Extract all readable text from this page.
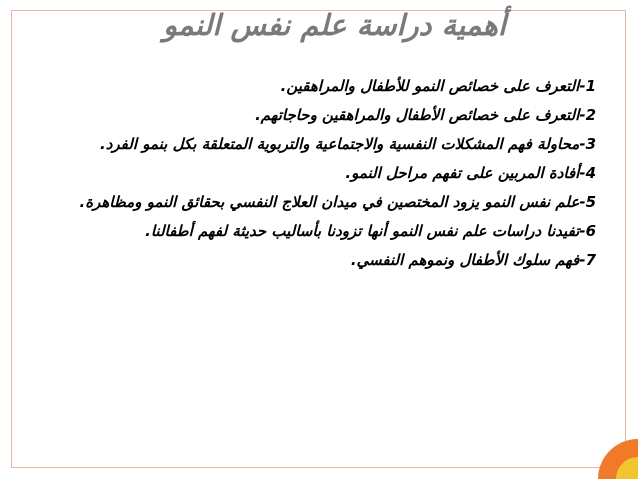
أهمية دراسة علم نفس النمو
1-التعرف على خصائص النمو للأطفال والمراهقين.
2-التعرف على خصائص الأطفال والمراهقين وحاجاتهم.
3-محاولة فهم المشكلات النفسية والاجتماعية والتربوية المتعلقة بكل بنمو الفرد.
4-أفادة المربين على تفهم مراحل النمو.
5-علم نفس النمو يزود المختصين في ميدان العلاج النفسي بحقائق النمو ومظاهرة.
6-تفيدنا دراسات علم نفس النمو أنها تزودنا بأساليب حديثة لفهم أطفالنا.
7-فهم سلوك الأطفال ونموهم النفسي.
